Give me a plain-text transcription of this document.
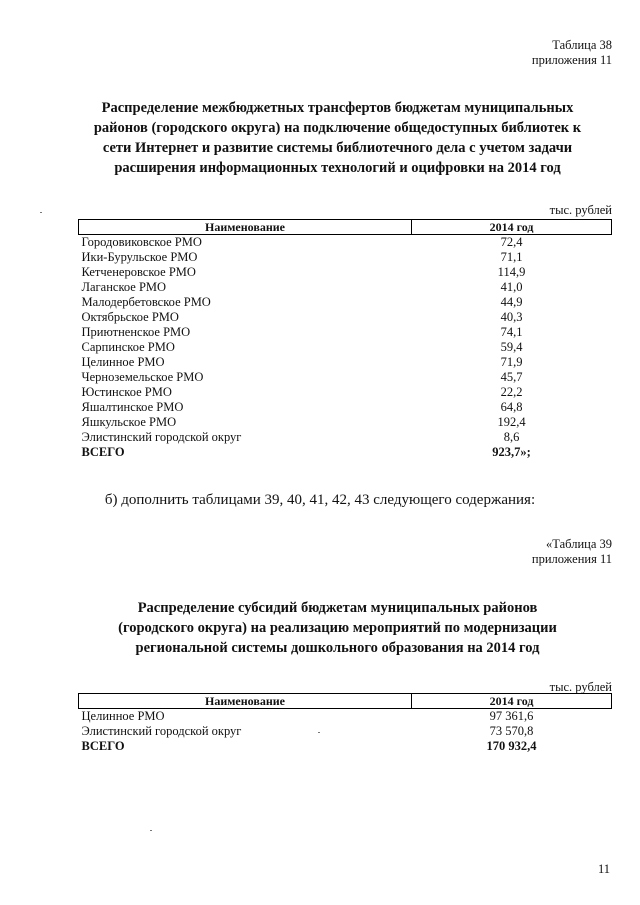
Таблица 38
приложения 11
Распределение межбюджетных трансфертов бюджетам муниципальных
районов (городского округа) на подключение общедоступных библиотек к
сети Интернет и развитие системы библиотечного дела с учетом задачи
расширения информационных технологий и оцифровки на 2014 год
тыс. рублей
Наименование	2014 год
Городовиковское РМО	72,4
Ики-Бурульское РМО	71,1
Кетченеровское РМО	114,9
Лаганское РМО	41,0
Малодербетовское РМО	44,9
Октябрьское РМО	40,3
Приютненское РМО	74,1
Сарпинское РМО	59,4
Целинное РМО	71,9
Черноземельское РМО	45,7
Юстинское РМО	22,2
Яшалтинское РМО	64,8
Яшкульское РМО	192,4
Элистинский городской округ	8,6
ВСЕГО	923,7»;
б) дополнить таблицами 39, 40, 41, 42, 43 следующего содержания:
«Таблица 39
приложения 11
Распределение субсидий бюджетам муниципальных районов
(городского округа) на реализацию мероприятий по модернизации
региональной системы дошкольного образования на 2014 год
тыс. рублей
Наименование	2014 год
Целинное РМО	97 361,6
Элистинский городской округ	73 570,8
ВСЕГО	170 932,4
11
